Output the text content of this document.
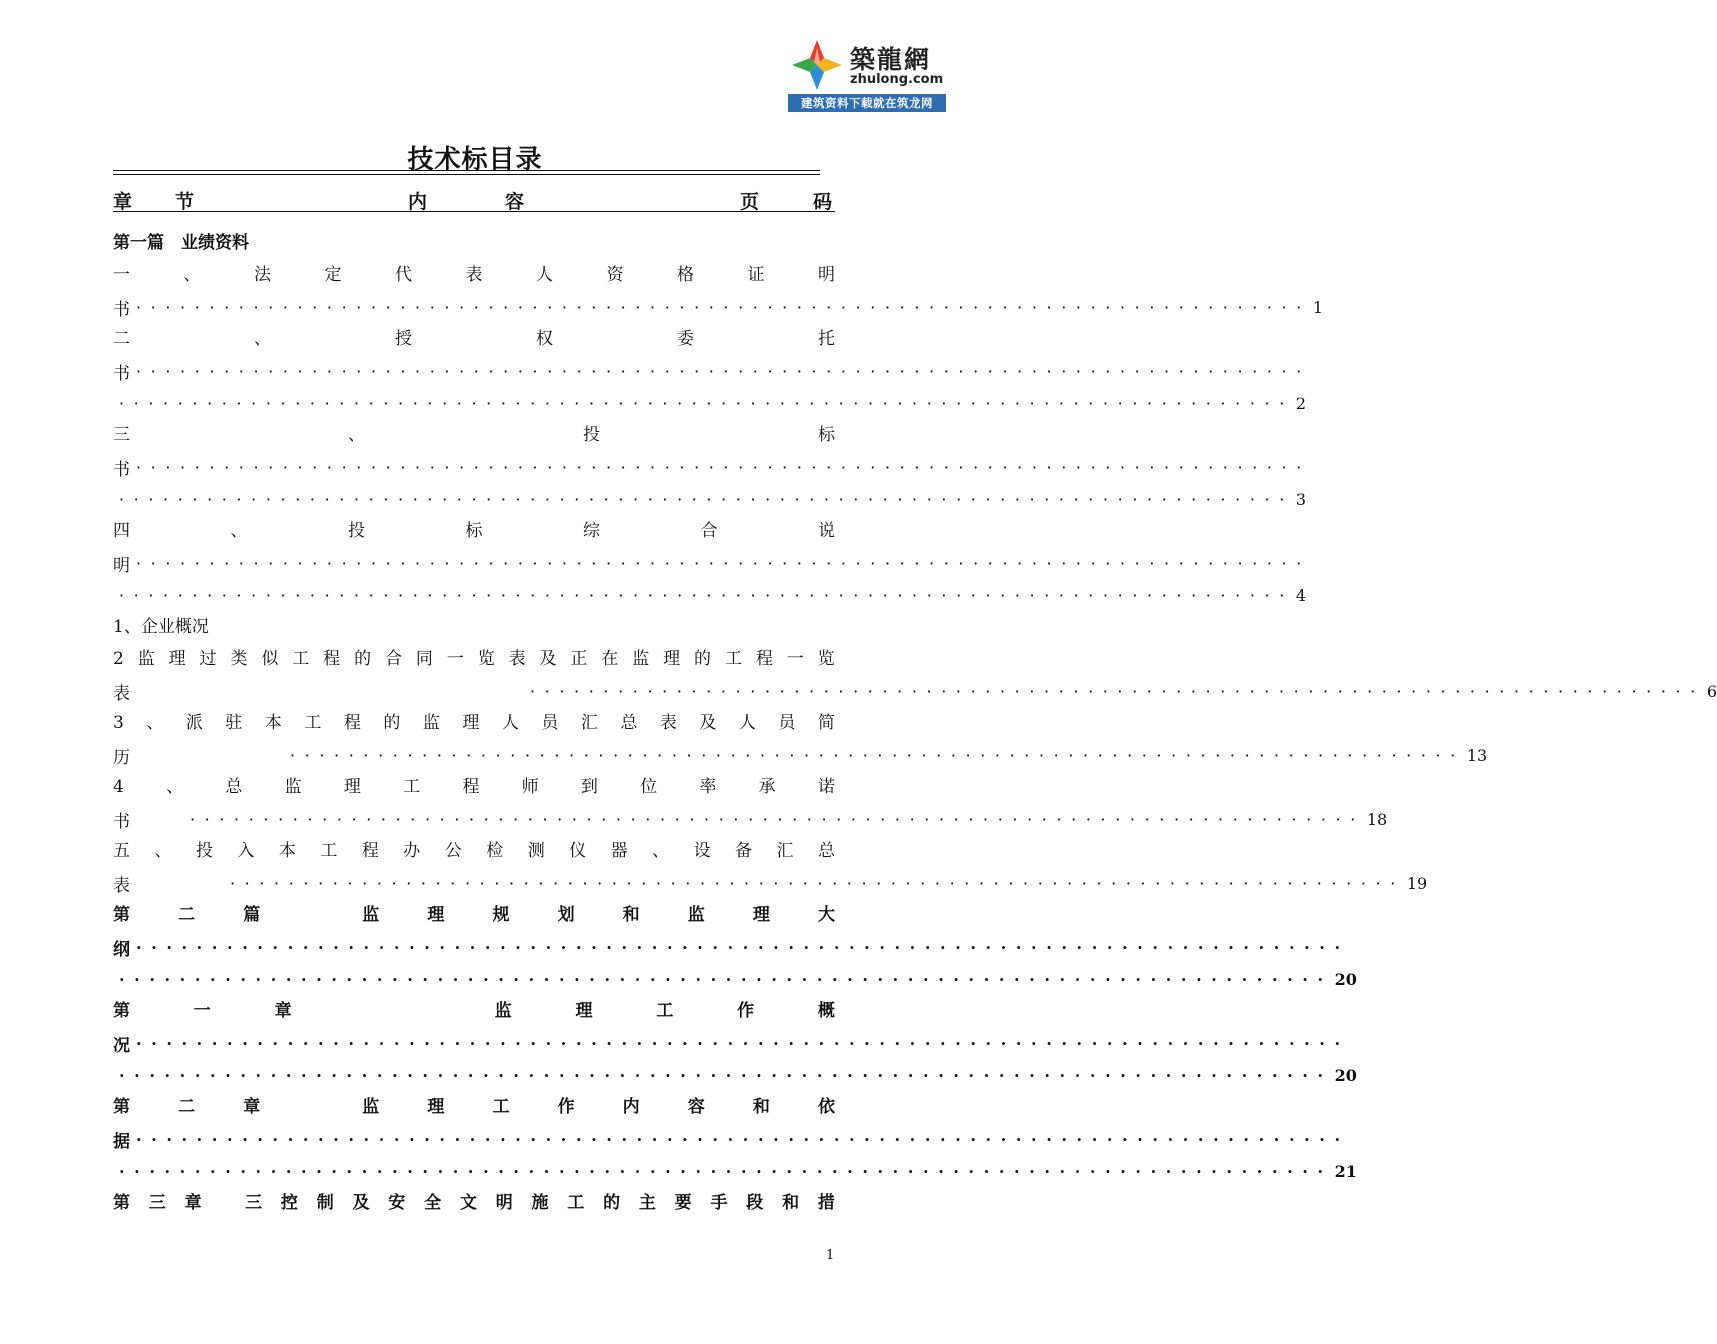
築龍網
zhulong.com
建筑资料下载就在筑龙网
技术标目录
章 节	内	容	页	码
第一篇　业绩资料
一	、	法	定	代	表	人	资	格	证	明
书 ················································································ 1
二	、	授	权	委	托
书 ················································································
················································································ 2
三	、	投	标
书 ················································································
················································································ 3
四	、	投	标	综	合	说
明 ················································································
················································································ 4
1、企业概况
2 监 理 过 类 似 工 程 的 合 同 一 览 表 及 正 在 监 理 的 工 程 一 览
表	················································································ 6
3 、 派 驻 本 工 程 的 监 理 人 员 汇 总 表 及 人 员 简
历	················································································ 13
4 、 总 监 理 工 程 师 到 位 率 承 诺
书	················································································ 18
五 、 投 入 本 工 程 办 公 检 测 仪 器 、 设 备 汇 总
表	················································································ 19
第	二	篇
	监	理	规	划	和	监	理	大
纲 ················································································
················································································ 20
第	一	章

	监	理	工	作	概
况 ················································································
················································································ 20
第	二	章
	监	理	工	作	内	容	和	依
据 ················································································
················································································ 21
第 三 章
	三 控 制 及 安 全 文 明 施 工 的 主 要 手 段 和 措
1
